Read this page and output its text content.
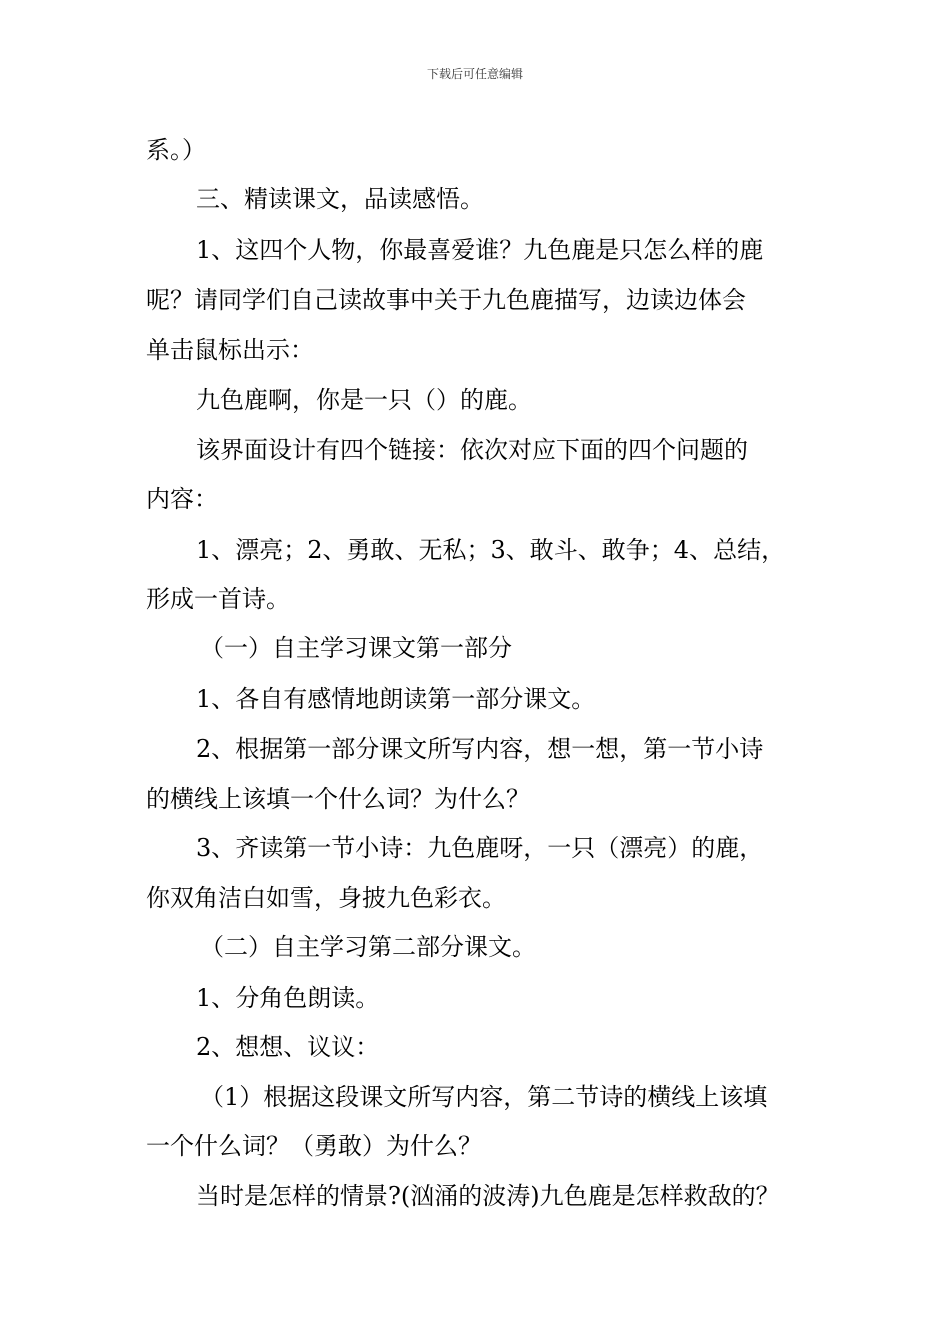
下载后可任意编辑
系。）
三、精读课文，品读感悟。
1、这四个人物，你最喜爱谁？九色鹿是只怎么样的鹿
呢？请同学们自己读故事中关于九色鹿描写，边读边体会
单击鼠标出示：
九色鹿啊，你是一只（）的鹿。
该界面设计有四个链接：依次对应下面的四个问题的
内容：
1、漂亮；2、勇敢、无私；3、敢斗、敢争；4、总结，
形成一首诗。
（一）自主学习课文第一部分
1、各自有感情地朗读第一部分课文。
2、根据第一部分课文所写内容，想一想，第一节小诗
的横线上该填一个什么词？为什么？
3、齐读第一节小诗：九色鹿呀，一只（漂亮）的鹿，
你双角洁白如雪，身披九色彩衣。
（二）自主学习第二部分课文。
1、分角色朗读。
2、想想、议议：
（1）根据这段课文所写内容，第二节诗的横线上该填
一个什么词？（勇敢）为什么？
当时是怎样的情景?(汹涌的波涛)九色鹿是怎样救敌的？
